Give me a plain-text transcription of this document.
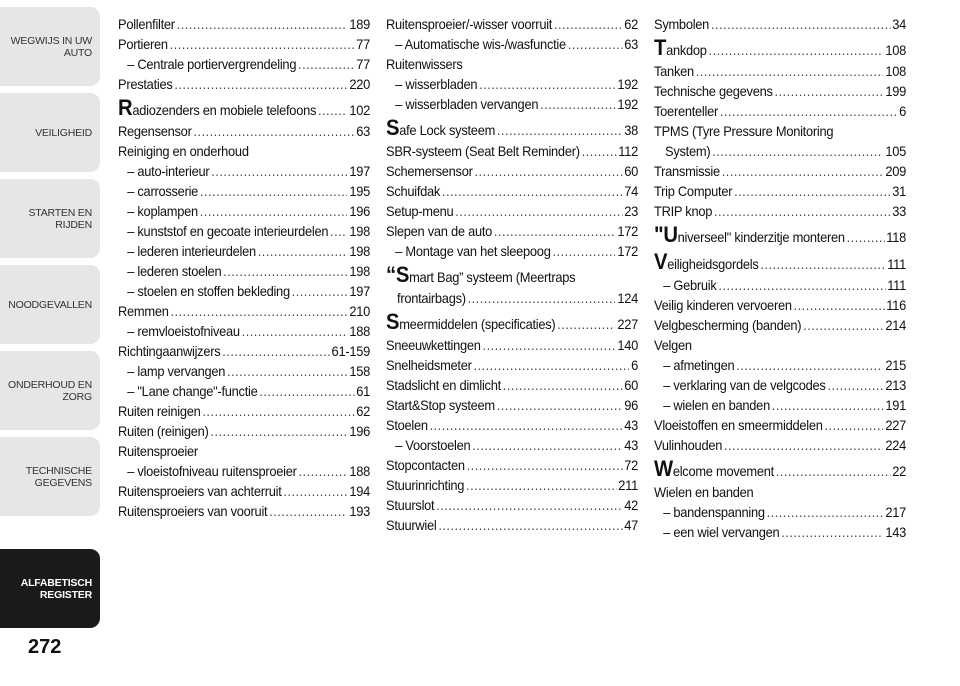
WEGWIJS IN UW
AUTO
VEILIGHEID
STARTEN EN RIJDEN
NOODGEVALLEN
ONDERHOUD EN
ZORG
TECHNISCHE
GEGEVENS
ALFABETISCH
REGISTER
272
Pollenfilter .....	189
Portieren .....	77
– Centrale portiervergrendeling .....	77
Prestaties .....	220
Radiozenders en mobiele telefoons ..... 102
Regensensor .....	63
Reiniging en onderhoud
– auto-interieur .....	197
– carrosserie .....	195
– koplampen .....	196
– kunststof en gecoate interieurdelen ..... 198
– lederen interieurdelen .....	198
– lederen stoelen .....	198
– stoelen en stoffen bekleding .....	197
Remmen .....	210
– remvloeistofniveau .....	188
Richtingaanwijzers .....	61-159
– lamp vervangen .....	158
– "Lane change"-functie .....	61
Ruiten reinigen .....	62
Ruiten (reinigen) .....	196
Ruitensproeier
– vloeistofniveau ruitensproeier .....	188
Ruitensproeiers van achterruit .....	194
Ruitensproeiers van vooruit .....	193
Ruitensproeier/-wisser voorruit .....	62
– Automatische wis-/wasfunctie .....	63
Ruitenwissers
– wisserbladen .....	192
– wisserbladen vervangen .....	192
Safe Lock systeem .....	38
SBR-systeem (Seat Belt Reminder) .....	112
Schemersensor .....	60
Schuifdak .....	74
Setup-menu .....	23
Slepen van de auto .....	172
– Montage van het sleepoog .....	172
“Smart Bag” systeem (Meertraps
frontairbags) .....	124
Smeermiddelen (specificaties) .....	227
Sneeuwkettingen .....	140
Snelheidsmeter .....	6
Stadslicht en dimlicht .....	60
Start&Stop systeem .....	96
Stoelen .....	43
– Voorstoelen .....	43
Stopcontacten .....	72
Stuurinrichting .....	211
Stuurslot .....	42
Stuurwiel .....	47
Symbolen .....	34
Tankdop .....	108
Tanken .....	108
Technische gegevens .....	199
Toerenteller .....	6
TPMS (Tyre Pressure Monitoring
System) .....	105
Transmissie .....	209
Trip Computer .....	31
TRIP knop .....	33
"Universeel" kinderzitje monteren .....	118
Veiligheidsgordels .....	111
– Gebruik .....	111
Veilig kinderen vervoeren .....	116
Velgbescherming (banden) .....	214
Velgen
– afmetingen .....	215
– verklaring van de velgcodes .....	213
– wielen en banden .....	191
Vloeistoffen en smeermiddelen .....	227
Vulinhouden .....	224
Welcome movement .....	22
Wielen en banden
– bandenspanning .....	217
– een wiel vervangen .....	143
